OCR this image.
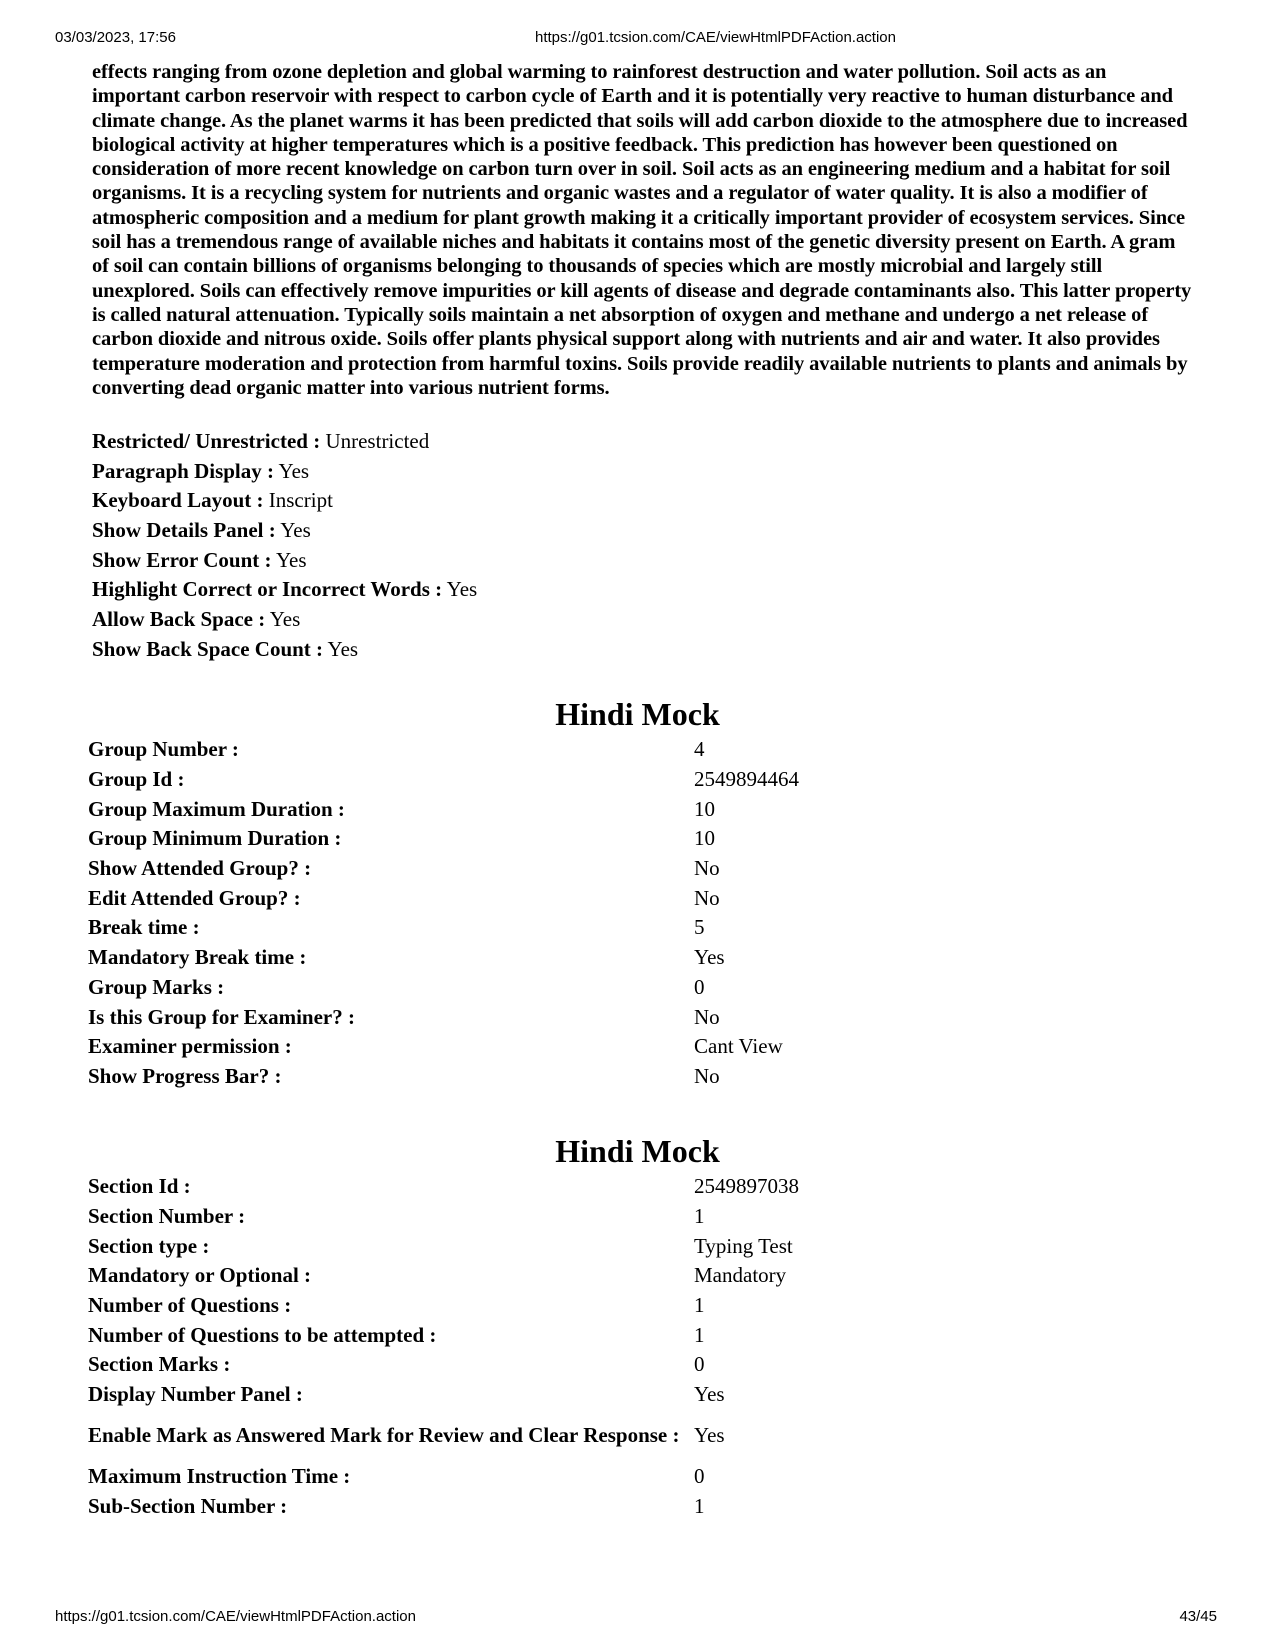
03/03/2023, 17:56	https://g01.tcsion.com/CAE/viewHtmlPDFAction.action

effects ranging from ozone depletion and global warming to rainforest destruction and water pollution. Soil acts as an important carbon reservoir with respect to carbon cycle of Earth and it is potentially very reactive to human disturbance and climate change. As the planet warms it has been predicted that soils will add carbon dioxide to the atmosphere due to increased biological activity at higher temperatures which is a positive feedback. This prediction has however been questioned on consideration of more recent knowledge on carbon turn over in soil. Soil acts as an engineering medium and a habitat for soil organisms. It is a recycling system for nutrients and organic wastes and a regulator of water quality. It is also a modifier of atmospheric composition and a medium for plant growth making it a critically important provider of ecosystem services. Since soil has a tremendous range of available niches and habitats it contains most of the genetic diversity present on Earth. A gram of soil can contain billions of organisms belonging to thousands of species which are mostly microbial and largely still unexplored. Soils can effectively remove impurities or kill agents of disease and degrade contaminants also. This latter property is called natural attenuation. Typically soils maintain a net absorption of oxygen and methane and undergo a net release of carbon dioxide and nitrous oxide. Soils offer plants physical support along with nutrients and air and water. It also provides temperature moderation and protection from harmful toxins. Soils provide readily available nutrients to plants and animals by converting dead organic matter into various nutrient forms.

Restricted/ Unrestricted : Unrestricted
Paragraph Display : Yes
Keyboard Layout : Inscript
Show Details Panel : Yes
Show Error Count : Yes
Highlight Correct or Incorrect Words : Yes
Allow Back Space : Yes
Show Back Space Count : Yes
Hindi Mock
Group Number :	4
Group Id :	2549894464
Group Maximum Duration :	10
Group Minimum Duration :	10
Show Attended Group? :	No
Edit Attended Group? :	No
Break time :	5
Mandatory Break time :	Yes
Group Marks :	0
Is this Group for Examiner? :	No
Examiner permission :	Cant View
Show Progress Bar? :	No
Hindi Mock
Section Id :	2549897038
Section Number :	1
Section type :	Typing Test
Mandatory or Optional :	Mandatory
Number of Questions :	1
Number of Questions to be attempted :	1
Section Marks :	0
Display Number Panel :	Yes
Enable Mark as Answered Mark for Review and Clear Response :	Yes
Maximum Instruction Time :	0
Sub-Section Number :	1
https://g01.tcsion.com/CAE/viewHtmlPDFAction.action	43/45
